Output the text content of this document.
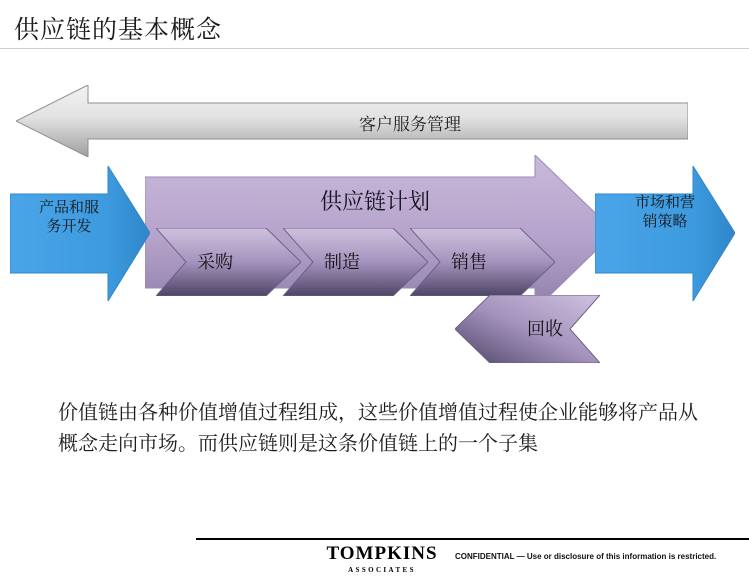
供应链的基本概念
客户服务管理
产品和服
务开发
市场和营
销策略
供应链计划
采购	制造	销售
回收
价值链由各种价值增值过程组成，这些价值增值过程使企业能够将产品从概念走向市场。而供应链则是这条价值链上的一个子集
TOMPKINS
ASSOCIATES
CONFIDENTIAL — Use or disclosure of this information is restricted.
